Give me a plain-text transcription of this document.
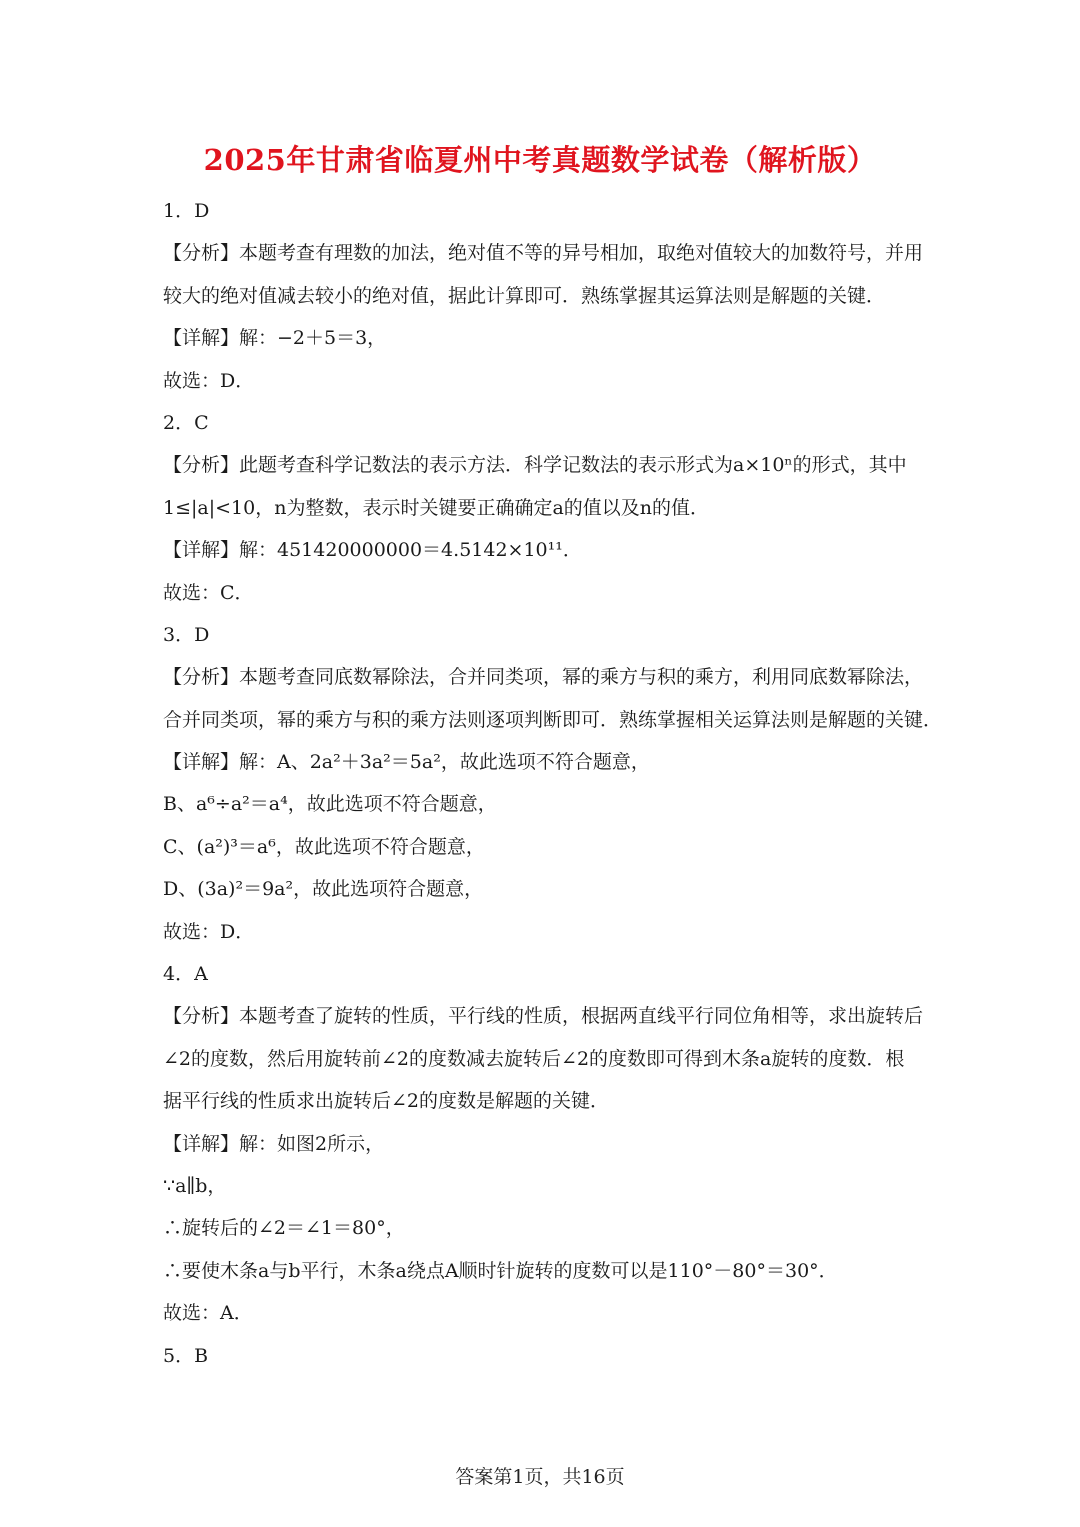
2025年甘肃省临夏州中考真题数学试卷（解析版）
1．D
【分析】本题考查有理数的加法，绝对值不等的异号相加，取绝对值较大的加数符号，并用
较大的绝对值减去较小的绝对值，据此计算即可．熟练掌握其运算法则是解题的关键．
【详解】解：−2＋5＝3，
故选：D．
2．C
【分析】此题考查科学记数法的表示方法．科学记数法的表示形式为a×10ⁿ的形式，其中
1≤|a|<10，n为整数，表示时关键要正确确定a的值以及n的值．
【详解】解：451420000000＝4.5142×10¹¹．
故选：C．
3．D
【分析】本题考查同底数幂除法，合并同类项，幂的乘方与积的乘方，利用同底数幂除法，
合并同类项，幂的乘方与积的乘方法则逐项判断即可．熟练掌握相关运算法则是解题的关键．
【详解】解：A、2a²＋3a²＝5a²，故此选项不符合题意，
B、a⁶÷a²＝a⁴，故此选项不符合题意，
C、(a²)³＝a⁶，故此选项不符合题意，
D、(3a)²＝9a²，故此选项符合题意，
故选：D．
4．A
【分析】本题考查了旋转的性质，平行线的性质，根据两直线平行同位角相等，求出旋转后
∠2的度数，然后用旋转前∠2的度数减去旋转后∠2的度数即可得到木条a旋转的度数．根
据平行线的性质求出旋转后∠2的度数是解题的关键．
【详解】解：如图2所示，
∵a∥b，
∴旋转后的∠2＝∠1＝80°，
∴要使木条a与b平行，木条a绕点A顺时针旋转的度数可以是110°－80°＝30°．
故选：A．
5．B
答案第1页，共16页
